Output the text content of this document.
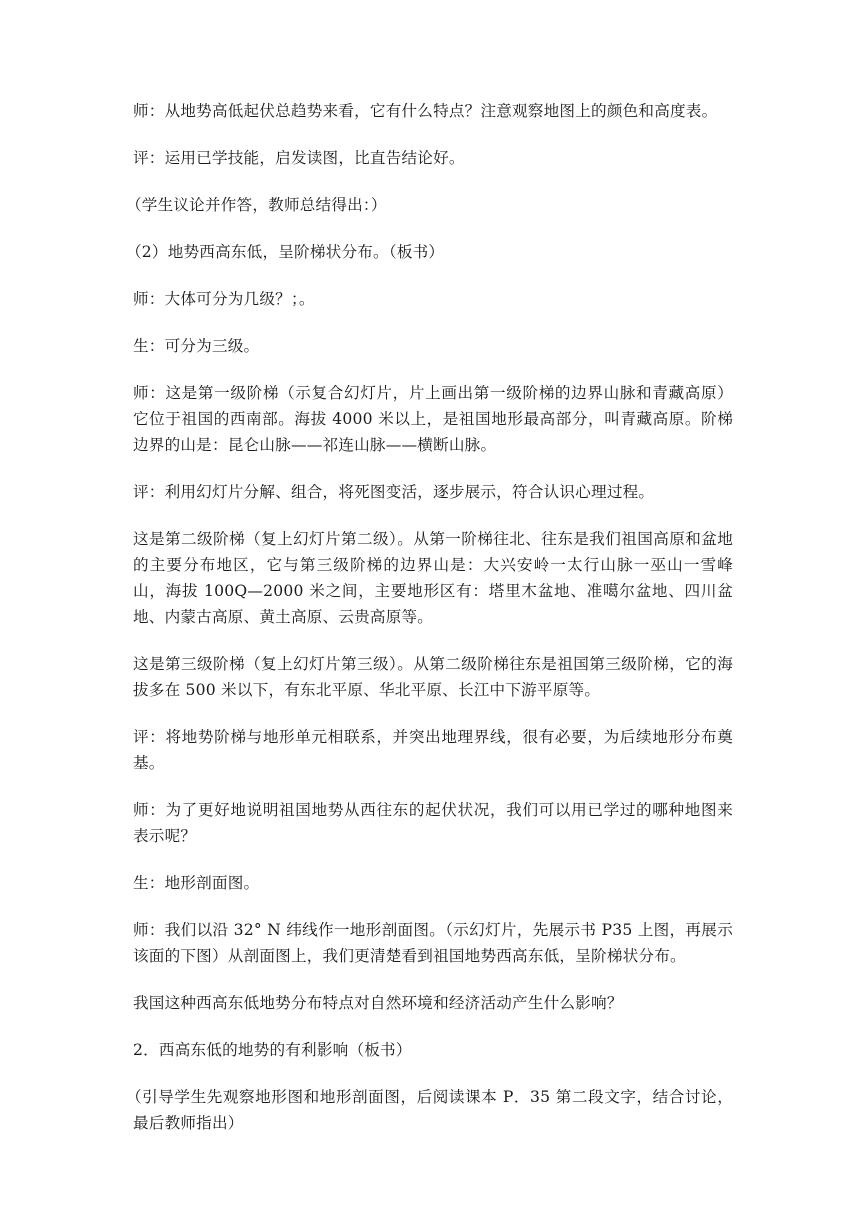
师：从地势高低起伏总趋势来看，它有什么特点？注意观察地图上的颜色和高度表。

评：运用已学技能，启发读图，比直告结论好。

（学生议论并作答，教师总结得出：）

（2）地势西高东低，呈阶梯状分布。（板书）

师：大体可分为几级？；。

生：可分为三级。

师：这是第一级阶梯（示复合幻灯片，片上画出第一级阶梯的边界山脉和青藏高原）它位于祖国的西南部。海拔 4000 米以上，是祖国地形最高部分，叫青藏高原。阶梯边界的山是：昆仑山脉——祁连山脉——横断山脉。

评：利用幻灯片分解、组合，将死图变活，逐步展示，符合认识心理过程。

这是第二级阶梯（复上幻灯片第二级）。从第一阶梯往北、往东是我们祖国高原和盆地的主要分布地区，它与第三级阶梯的边界山是：大兴安岭一太行山脉一巫山一雪峰山，海拔 100Q—2000 米之间，主要地形区有：塔里木盆地、准噶尔盆地、四川盆地、内蒙古高原、黄土高原、云贵高原等。

这是第三级阶梯（复上幻灯片第三级）。从第二级阶梯往东是祖国第三级阶梯，它的海拔多在 500 米以下，有东北平原、华北平原、长江中下游平原等。

评：将地势阶梯与地形单元相联系，并突出地理界线，很有必要，为后续地形分布奠基。

师：为了更好地说明祖国地势从西往东的起伏状况，我们可以用已学过的哪种地图来表示呢？

生：地形剖面图。

师：我们以沿 32° N 纬线作一地形剖面图。（示幻灯片，先展示书 P35 上图，再展示该面的下图）从剖面图上，我们更清楚看到祖国地势西高东低，呈阶梯状分布。

我国这种西高东低地势分布特点对自然环境和经济活动产生什么影响？

2．西高东低的地势的有利影响（板书）

（引导学生先观察地形图和地形剖面图，后阅读课本 P．35 第二段文字，结合讨论，最后教师指出）
